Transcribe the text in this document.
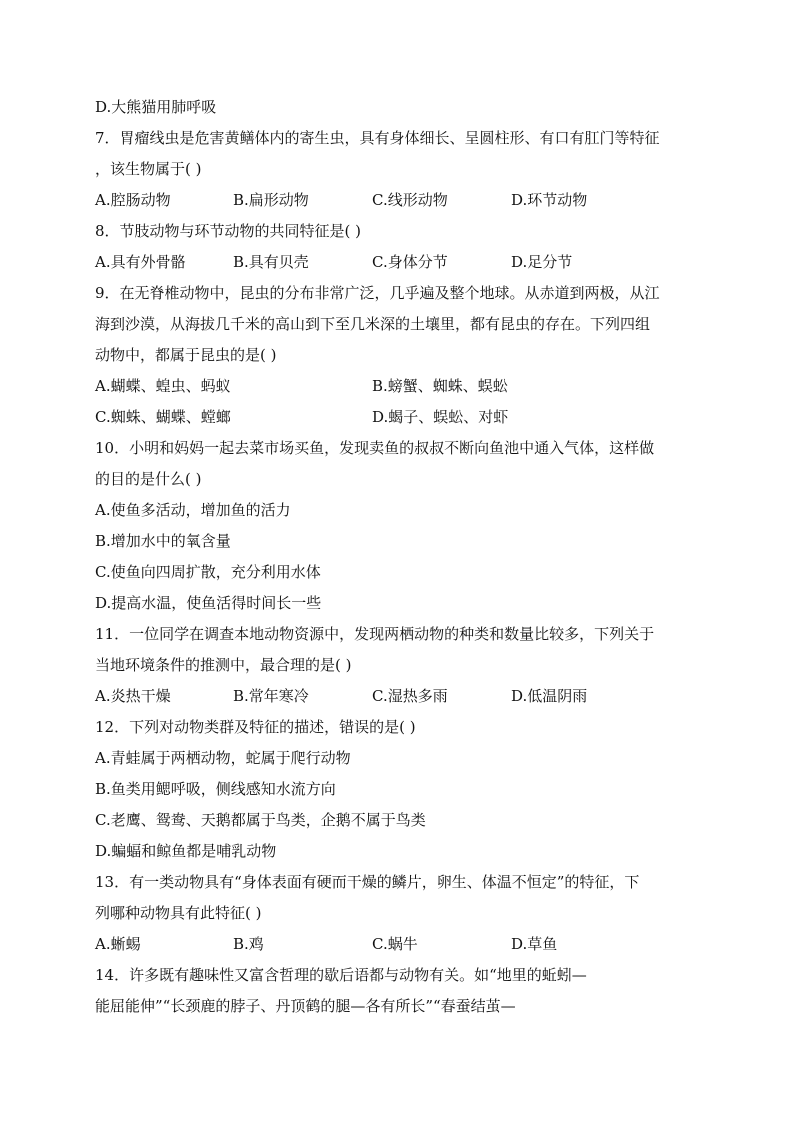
D.大熊猫用肺呼吸
7．胃瘤线虫是危害黄鳝体内的寄生虫，具有身体细长、呈圆柱形、有口有肛门等特征
，该生物属于( )
A.腔肠动物	B.扁形动物	C.线形动物	D.环节动物
8．节肢动物与环节动物的共同特征是( )
A.具有外骨骼	B.具有贝壳	C.身体分节	D.足分节
9．在无脊椎动物中，昆虫的分布非常广泛，几乎遍及整个地球。从赤道到两极，从江
海到沙漠，从海拔几千米的高山到下至几米深的土壤里，都有昆虫的存在。下列四组
动物中，都属于昆虫的是( )
A.蝴蝶、蝗虫、蚂蚁	B.螃蟹、蜘蛛、蜈蚣
C.蜘蛛、蝴蝶、螳螂	D.蝎子、蜈蚣、对虾
10．小明和妈妈一起去菜市场买鱼，发现卖鱼的叔叔不断向鱼池中通入气体，这样做
的目的是什么( )
A.使鱼多活动，增加鱼的活力
B.增加水中的氧含量
C.使鱼向四周扩散，充分利用水体
D.提高水温，使鱼活得时间长一些
11．一位同学在调查本地动物资源中，发现两栖动物的种类和数量比较多，下列关于
当地环境条件的推测中，最合理的是( )
A.炎热干燥	B.常年寒冷	C.湿热多雨	D.低温阴雨
12．下列对动物类群及特征的描述，错误的是( )
A.青蛙属于两栖动物，蛇属于爬行动物
B.鱼类用鳃呼吸，侧线感知水流方向
C.老鹰、鸳鸯、天鹅都属于鸟类，企鹅不属于鸟类
D.蝙蝠和鲸鱼都是哺乳动物
13．有一类动物具有“身体表面有硬而干燥的鳞片，卵生、体温不恒定”的特征，下
列哪种动物具有此特征( )
A.蜥蜴	B.鸡	C.蜗牛	D.草鱼
14．许多既有趣味性又富含哲理的歇后语都与动物有关。如“地里的蚯蚓—
能屈能伸”“长颈鹿的脖子、丹顶鹤的腿—各有所长”“春蚕结茧—
